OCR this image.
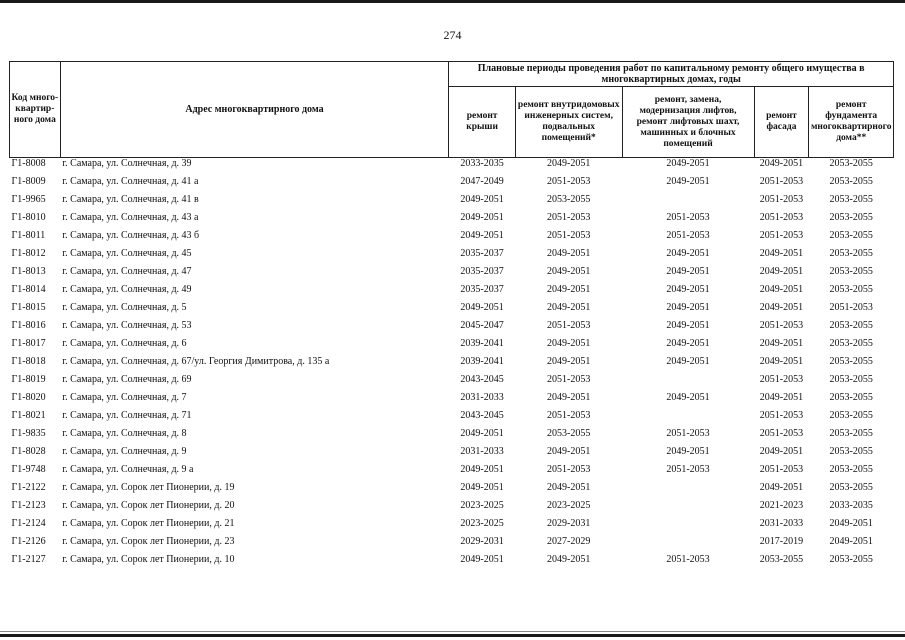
274
Код много-квартир-ного дома	Адрес многоквартирного дома	Плановые периоды проведения работ по капитальному ремонту общего имущества в многоквартирных домах, годы				
		ремонт крыши	ремонт внутридомовых инженерных систем, подвальных помещений*	ремонт, замена, модернизация лифтов, ремонт лифтовых шахт, машинных и блочных помещений	ремонт фасада	ремонт фундамента многоквартирного дома**
Г1-8008	г. Самара, ул. Солнечная, д. 39	2033-2035	2049-2051	2049-2051	2049-2051	2053-2055
Г1-8009	г. Самара, ул. Солнечная, д. 41 а	2047-2049	2051-2053	2049-2051	2051-2053	2053-2055
Г1-9965	г. Самара, ул. Солнечная, д. 41 в	2049-2051	2053-2055		2051-2053	2053-2055
Г1-8010	г. Самара, ул. Солнечная, д. 43 а	2049-2051	2051-2053	2051-2053	2051-2053	2053-2055
Г1-8011	г. Самара, ул. Солнечная, д. 43 б	2049-2051	2051-2053	2051-2053	2051-2053	2053-2055
Г1-8012	г. Самара, ул. Солнечная, д. 45	2035-2037	2049-2051	2049-2051	2049-2051	2053-2055
Г1-8013	г. Самара, ул. Солнечная, д. 47	2035-2037	2049-2051	2049-2051	2049-2051	2053-2055
Г1-8014	г. Самара, ул. Солнечная, д. 49	2035-2037	2049-2051	2049-2051	2049-2051	2053-2055
Г1-8015	г. Самара, ул. Солнечная, д. 5	2049-2051	2049-2051	2049-2051	2049-2051	2051-2053
Г1-8016	г. Самара, ул. Солнечная, д. 53	2045-2047	2051-2053	2049-2051	2051-2053	2053-2055
Г1-8017	г. Самара, ул. Солнечная, д. 6	2039-2041	2049-2051	2049-2051	2049-2051	2053-2055
Г1-8018	г. Самара, ул. Солнечная, д. 67/ул. Георгия Димитрова, д. 135 а	2039-2041	2049-2051	2049-2051	2049-2051	2053-2055
Г1-8019	г. Самара, ул. Солнечная, д. 69	2043-2045	2051-2053		2051-2053	2053-2055
Г1-8020	г. Самара, ул. Солнечная, д. 7	2031-2033	2049-2051	2049-2051	2049-2051	2053-2055
Г1-8021	г. Самара, ул. Солнечная, д. 71	2043-2045	2051-2053		2051-2053	2053-2055
Г1-9835	г. Самара, ул. Солнечная, д. 8	2049-2051	2053-2055	2051-2053	2051-2053	2053-2055
Г1-8028	г. Самара, ул. Солнечная, д. 9	2031-2033	2049-2051	2049-2051	2049-2051	2053-2055
Г1-9748	г. Самара, ул. Солнечная, д. 9 а	2049-2051	2051-2053	2051-2053	2051-2053	2053-2055
Г1-2122	г. Самара, ул. Сорок лет Пионерии, д. 19	2049-2051	2049-2051		2049-2051	2053-2055
Г1-2123	г. Самара, ул. Сорок лет Пионерии, д. 20	2023-2025	2023-2025		2021-2023	2033-2035
Г1-2124	г. Самара, ул. Сорок лет Пионерии, д. 21	2023-2025	2029-2031		2031-2033	2049-2051
Г1-2126	г. Самара, ул. Сорок лет Пионерии, д. 23	2029-2031	2027-2029		2017-2019	2049-2051
Г1-2127	г. Самара, ул. Сорок лет Пионерии, д. 10	2049-2051	2049-2051	2051-2053	2053-2055	2053-2055
